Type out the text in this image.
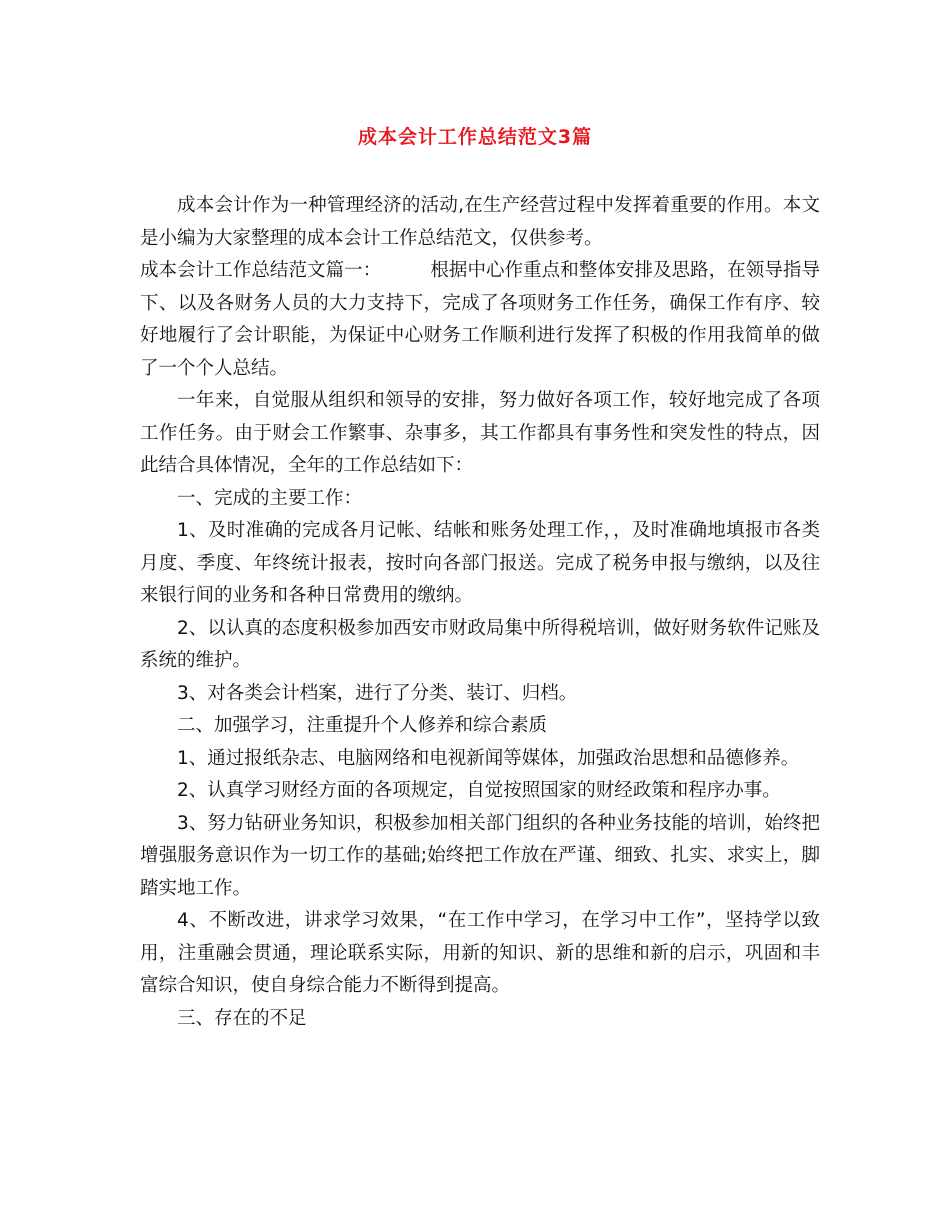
成本会计工作总结范文3篇

成本会计作为一种管理经济的活动,在生产经营过程中发挥着重要的作用。本文是小编为大家整理的成本会计工作总结范文，仅供参考。

成本会计工作总结范文篇一：	根据中心作重点和整体安排及思路，在领导指导下、以及各财务人员的大力支持下，完成了各项财务工作任务，确保工作有序、较好地履行了会计职能，为保证中心财务工作顺利进行发挥了积极的作用我简单的做了一个个人总结。

一年来，自觉服从组织和领导的安排，努力做好各项工作，较好地完成了各项工作任务。由于财会工作繁事、杂事多，其工作都具有事务性和突发性的特点，因此结合具体情况，全年的工作总结如下：

一、完成的主要工作：

1、及时准确的完成各月记帐、结帐和账务处理工作，，及时准确地填报市各类月度、季度、年终统计报表，按时向各部门报送。完成了税务申报与缴纳，以及往来银行间的业务和各种日常费用的缴纳。

2、以认真的态度积极参加西安市财政局集中所得税培训，做好财务软件记账及系统的维护。

3、对各类会计档案，进行了分类、装订、归档。

二、加强学习，注重提升个人修养和综合素质

1、通过报纸杂志、电脑网络和电视新闻等媒体，加强政治思想和品德修养。

2、认真学习财经方面的各项规定，自觉按照国家的财经政策和程序办事。

3、努力钻研业务知识，积极参加相关部门组织的各种业务技能的培训，始终把增强服务意识作为一切工作的基础;始终把工作放在严谨、细致、扎实、求实上，脚踏实地工作。

4、不断改进，讲求学习效果，“在工作中学习，在学习中工作”，坚持学以致用，注重融会贯通，理论联系实际，用新的知识、新的思维和新的启示，巩固和丰富综合知识，使自身综合能力不断得到提高。

三、存在的不足
